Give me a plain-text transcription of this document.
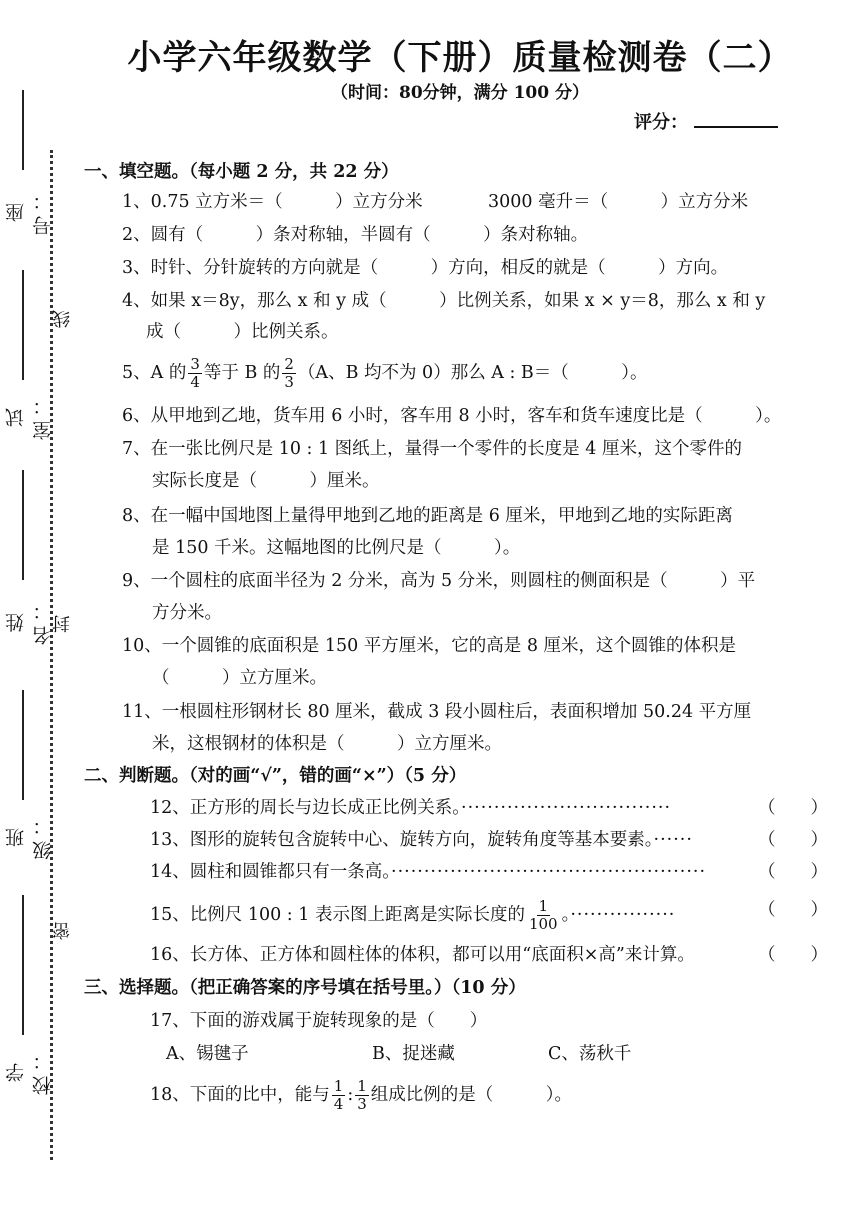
座号：
试室：
姓名：
班级：
学校：
线
封
密
小学六年级数学（下册）质量检测卷（二）
（时间：80分钟，满分 100 分）
评分：
一、填空题。（每小题 2 分，共 22 分）
1、0.75 立方米＝（　　　）立方分米	3000 毫升＝（　　　）立方分米
2、圆有（　　　）条对称轴，半圆有（　　　）条对称轴。
3、时针、分针旋转的方向就是（　　　）方向，相反的就是（　　　）方向。
4、如果 x＝8y，那么 x 和 y 成（　　　）比例关系，如果 x × y＝8，那么 x 和 y
成（　　　）比例关系。
5、A 的 $\frac{3}{4}$ 等于 B 的 $\frac{2}{3} (A$、B 均不为 0）那么 A : B＝（　　　）。
6、从甲地到乙地，货车用 6 小时，客车用 8 小时，客车和货车速度比是（　　　）。
7、在一张比例尺是 10 : 1 图纸上，量得一个零件的长度是 4 厘米，这个零件的
实际长度是（　　　）厘米。
8、在一幅中国地图上量得甲地到乙地的距离是 6 厘米，甲地到乙地的实际距离
是 150 千米。这幅地图的比例尺是（　　　）。
9、一个圆柱的底面半径为 2 分米，高为 5 分米，则圆柱的侧面积是（　　　）平
方分米。
10、一个圆锥的底面积是 150 平方厘米，它的高是 8 厘米，这个圆锥的体积是
（　　　）立方厘米。
11、一根圆柱形钢材长 80 厘米，截成 3 段小圆柱后，表面积增加 50.24 平方厘
米，这根钢材的体积是（　　　）立方厘米。
二、判断题。（对的画“√”，错的画“×”）（5 分）
12、正方形的周长与边长成正比例关系。································	（　　）
13、图形的旋转包含旋转中心、旋转方向，旋转角度等基本要素。······	（　　）
14、圆柱和圆锥都只有一条高。················································	（　　）
15、比例尺 100 : 1 表示图上距离是实际长度的 $\frac{1}{100}$ 。················	（　　）
16、长方体、正方体和圆柱体的体积，都可以用“底面积×高”来计算。	（　　）
三、选择题。（把正确答案的序号填在括号里。）（10 分）
17、下面的游戏属于旋转现象的是（　　）
A、锡毽子	B、捉迷藏	C、荡秋千
18、下面的比中，能与 $\frac{1}{4}$ : $\frac{1}{3}$ 组成比例的是（　　　）。
